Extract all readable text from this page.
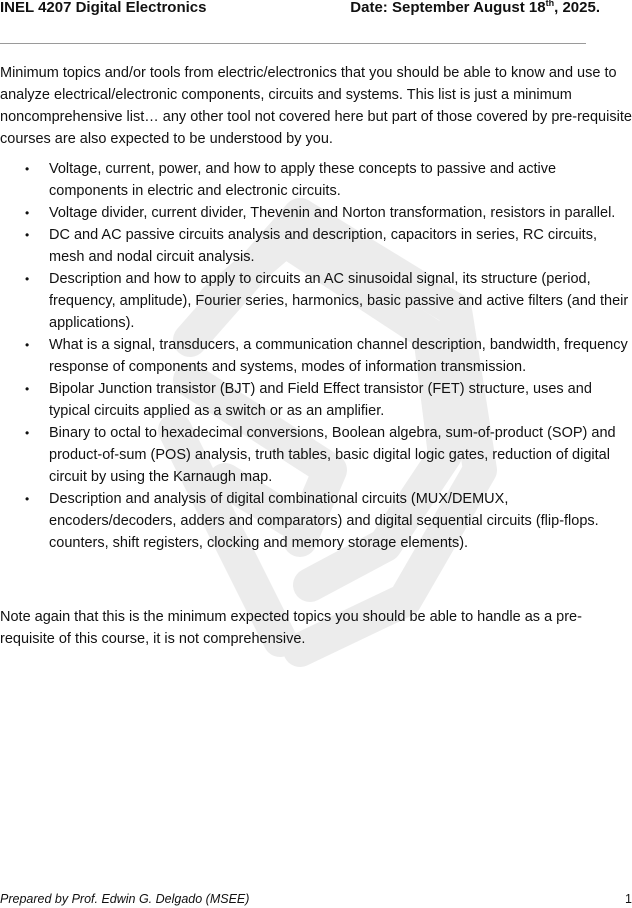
INEL 4207 Digital Electronics	Date: September August 18th, 2025.

Minimum topics and/or tools from electric/electronics that you should be able to know and use to analyze electrical/electronic components, circuits and systems. This list is just a minimum noncomprehensive list… any other tool not covered here but part of those covered by pre-requisite courses are also expected to be understood by you.

• Voltage, current, power, and how to apply these concepts to passive and active components in electric and electronic circuits.
• Voltage divider, current divider, Thevenin and Norton transformation, resistors in parallel.
• DC and AC passive circuits analysis and description, capacitors in series, RC circuits, mesh and nodal circuit analysis.
• Description and how to apply to circuits an AC sinusoidal signal, its structure (period, frequency, amplitude), Fourier series, harmonics, basic passive and active filters (and their applications).
• What is a signal, transducers, a communication channel description, bandwidth, frequency response of components and systems, modes of information transmission.
• Bipolar Junction transistor (BJT) and Field Effect transistor (FET) structure, uses and typical circuits applied as a switch or as an amplifier.
• Binary to octal to hexadecimal conversions, Boolean algebra, sum-of-product (SOP) and product-of-sum (POS) analysis, truth tables, basic digital logic gates, reduction of digital circuit by using the Karnaugh map.
• Description and analysis of digital combinational circuits (MUX/DEMUX, encoders/decoders, adders and comparators) and digital sequential circuits (flip-flops. counters, shift registers, clocking and memory storage elements).

Note again that this is the minimum expected topics you should be able to handle as a pre-requisite of this course, it is not comprehensive.

Prepared by Prof. Edwin G. Delgado (MSEE)	1
